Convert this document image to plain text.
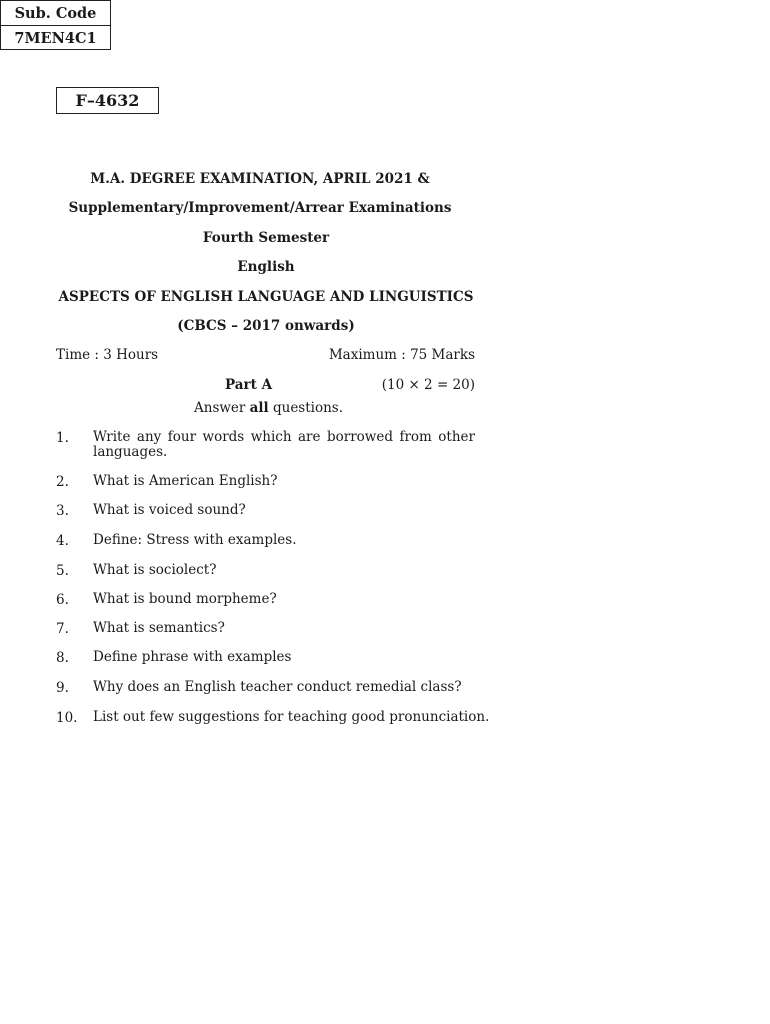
F–4632
Sub. Code
7MEN4C1
M.A. DEGREE EXAMINATION, APRIL 2021 &
Supplementary/Improvement/Arrear Examinations
Fourth Semester
English
ASPECTS OF ENGLISH LANGUAGE AND LINGUISTICS
(CBCS – 2017 onwards)
Time : 3 Hours	Maximum : 75 Marks
Part A	(10 × 2 = 20)
Answer all questions.
1. Write any four words which are borrowed from other languages.
2. What is American English?
3. What is voiced sound?
4. Define: Stress with examples.
5. What is sociolect?
6. What is bound morpheme?
7. What is semantics?
8. Define phrase with examples
9. Why does an English teacher conduct remedial class?
10. List out few suggestions for teaching good pronunciation.
